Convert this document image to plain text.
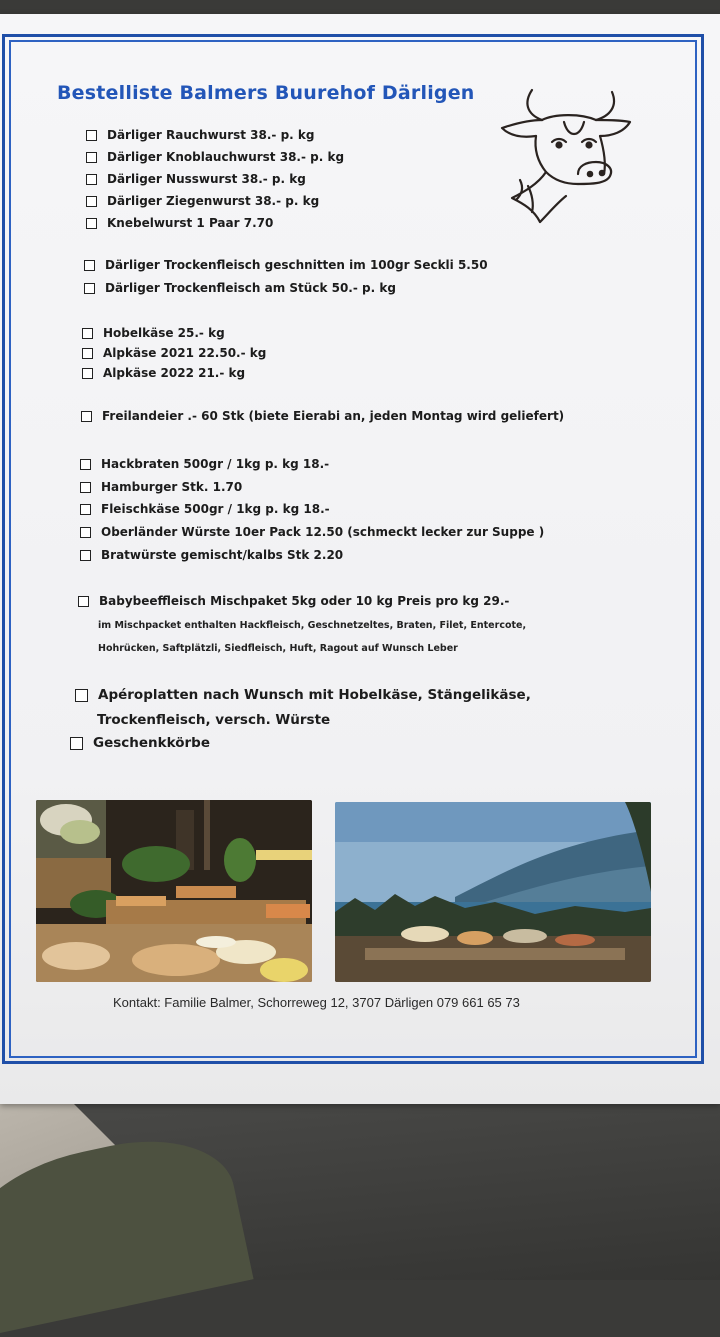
Bestelliste Balmers Buurehof Därligen
Därliger Rauchwurst 38.- p. kg
Därliger Knoblauchwurst 38.- p. kg
Därliger Nusswurst 38.- p. kg
Därliger Ziegenwurst 38.- p. kg
Knebelwurst 1 Paar 7.70
Därliger Trockenfleisch geschnitten im 100gr Seckli 5.50
Därliger Trockenfleisch am Stück 50.- p. kg
Hobelkäse 25.- kg
Alpkäse 2021 22.50.- kg
Alpkäse 2022 21.- kg
Freilandeier .- 60 Stk (biete Eierabi an, jeden Montag wird geliefert)
Hackbraten 500gr / 1kg p. kg 18.-
Hamburger Stk. 1.70
Fleischkäse 500gr / 1kg p. kg 18.-
Oberländer Würste 10er Pack 12.50 (schmeckt lecker zur Suppe )
Bratwürste gemischt/kalbs Stk 2.20
Babybeeffleisch Mischpaket 5kg oder 10 kg Preis pro kg 29.-
im Mischpacket enthalten Hackfleisch, Geschnetzeltes, Braten, Filet, Entercote,
Hohrücken, Saftplätzli, Siedfleisch, Huft, Ragout auf Wunsch Leber
Apéroplatten nach Wunsch mit Hobelkäse, Stängelikäse,
Trockenfleisch, versch. Würste
Geschenkkörbe
Kontakt: Familie Balmer, Schorreweg 12, 3707 Därligen 079 661 65 73
